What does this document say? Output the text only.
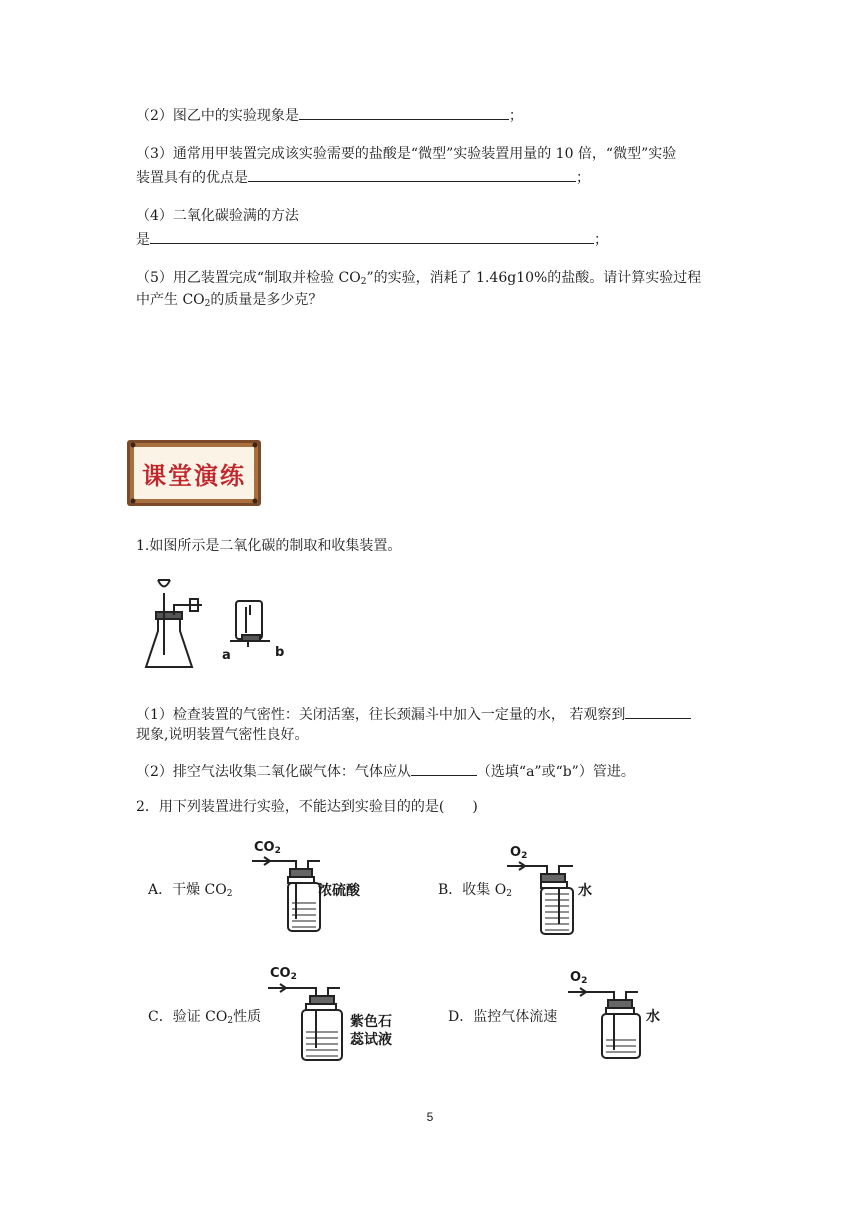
（2）图乙中的实验现象是	；
（3）通常用甲装置完成该实验需要的盐酸是“微型”实验装置用量的 10 倍，“微型”实验
装置具有的优点是	；
（4）二氧化碳验满的方法
是	；
（5）用乙装置完成“制取并检验 $CO_2$”的实验，消耗了 1.46g10%的盐酸。请计算实验过程
中产生 $CO_2$的质量是多少克？
课堂演练
1.如图所示是二氧化碳的制取和收集装置。
a	b
（1）检查装置的气密性：关闭活塞，往长颈漏斗中加入一定量的水， 若观察到
现象,说明装置气密性良好。
（2）排空气法收集二氧化碳气体：气体应从	（选填“a”或“b”）管进。
2．用下列装置进行实验，不能达到实验目的的是(　　)
A．干燥 $CO_2$
$CO_2$
浓硫酸	B．收集 $O_2$
$O_2$
水
C．验证 $CO_2$性质
$CO_2$
紫色石
蕊试液
D．监控气体流速
$O_2$
水
5
